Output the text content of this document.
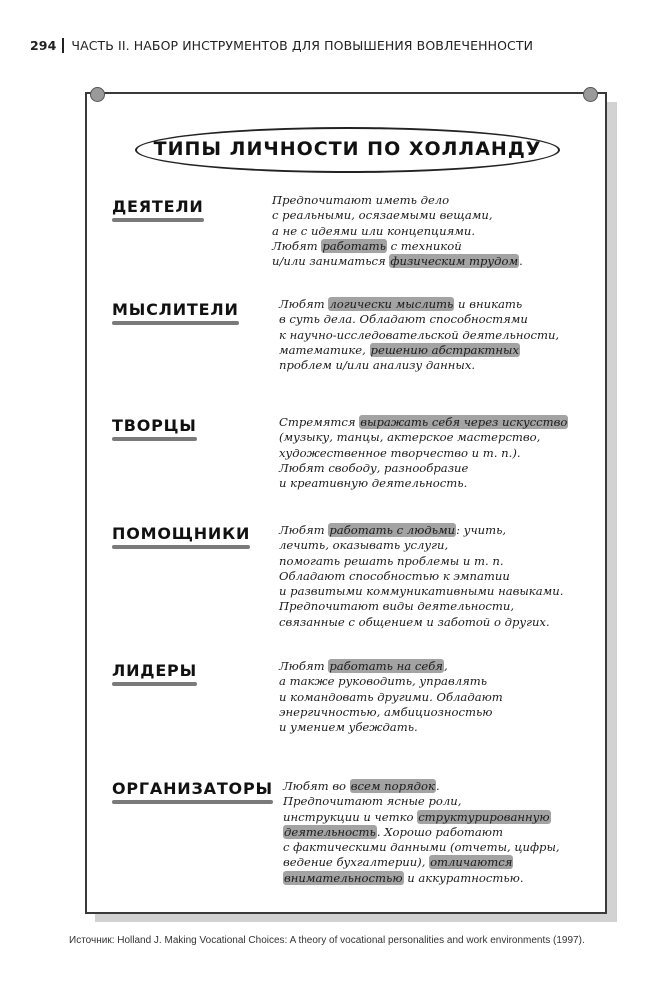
294 ЧАСТЬ II. НАБОР ИНСТРУМЕНТОВ ДЛЯ ПОВЫШЕНИЯ ВОВЛЕЧЕННОСТИ
ТИПЫ ЛИЧНОСТИ ПО ХОЛЛАНДУ
ДЕЯТЕЛИ
МЫСЛИТЕЛИ
ТВОРЦЫ
ПОМОЩНИКИ
ЛИДЕРЫ
ОРГАНИЗАТОРЫ
Предпочитают иметь дело
с реальными, осязаемыми вещами,
а не с идеями или концепциями.
Любят работать с техникой
и/или заниматься физическим трудом.
Любят логически мыслить и вникать
в суть дела. Обладают способностями
к научно-исследовательской деятельности,
математике, решению абстрактных
проблем и/или анализу данных.
Стремятся выражать себя через искусство
(музыку, танцы, актерское мастерство,
художественное творчество и т. п.).
Любят свободу, разнообразие
и креативную деятельность.
Любят работать с людьми: учить,
лечить, оказывать услуги,
помогать решать проблемы и т. п.
Обладают способностью к эмпатии
и развитыми коммуникативными навыками.
Предпочитают виды деятельности,
связанные с общением и заботой о других.
Любят работать на себя,
а также руководить, управлять
и командовать другими. Обладают
энергичностью, амбициозностью
и умением убеждать.
Любят во всем порядок.
Предпочитают ясные роли,
инструкции и четко структурированную
деятельность. Хорошо работают
с фактическими данными (отчеты, цифры,
ведение бухгалтерии), отличаются
внимательностью и аккуратностью.
Источник: Holland J. Making Vocational Choices: A theory of vocational personalities and work environments (1997).
